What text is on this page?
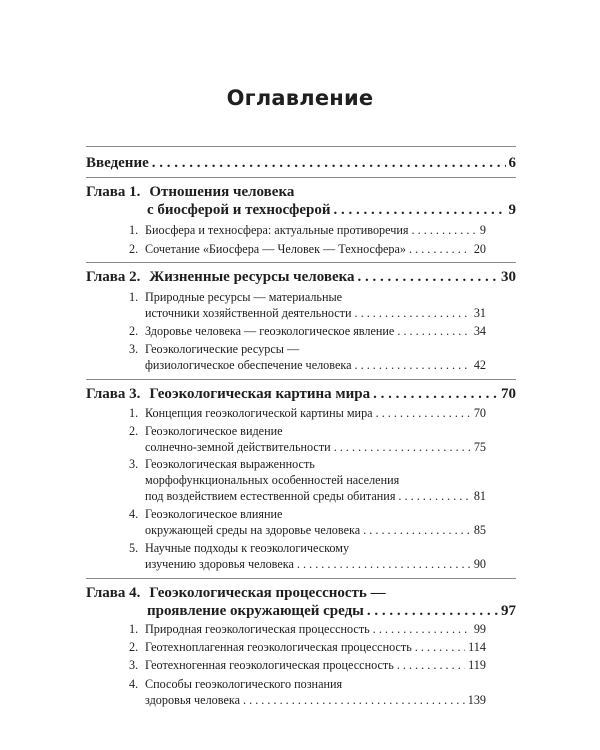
Оглавление
Введение . . .	6
Глава 1. Отношения человека
с биосферой и техносферой . . .	9
1. Биосфера и техносфера: актуальные противоречия . . .	9
2. Сочетание «Биосфера — Человек — Техносфера» . . .	20
Глава 2. Жизненные ресурсы человека . . .	30
1. Природные ресурсы — материальные
источники хозяйственной деятельности . . .	31
2. Здоровье человека — геоэкологическое явление . . .	34
3. Геоэкологические ресурсы —
физиологическое обеспечение человека . . .	42
Глава 3. Геоэкологическая картина мира . . .	70
1. Концепция геоэкологической картины мира . . .	70
2. Геоэкологическое видение
солнечно-земной действительности . . .	75
3. Геоэкологическая выраженность
морфофункциональных особенностей населения
под воздействием естественной среды обитания . . .	81
4. Геоэкологическое влияние
окружающей среды на здоровье человека . . .	85
5. Научные подходы к геоэкологическому
изучению здоровья человека . . .	90
Глава 4. Геоэкологическая процессность —
проявление окружающей среды . . .	97
1. Природная геоэкологическая процессность . . .	99
2. Геотехноплагенная геоэкологическая процессность . . .	114
3. Геотехногенная геоэкологическая процессность . . .	119
4. Способы геоэкологического познания
здоровья человека . . .	139
